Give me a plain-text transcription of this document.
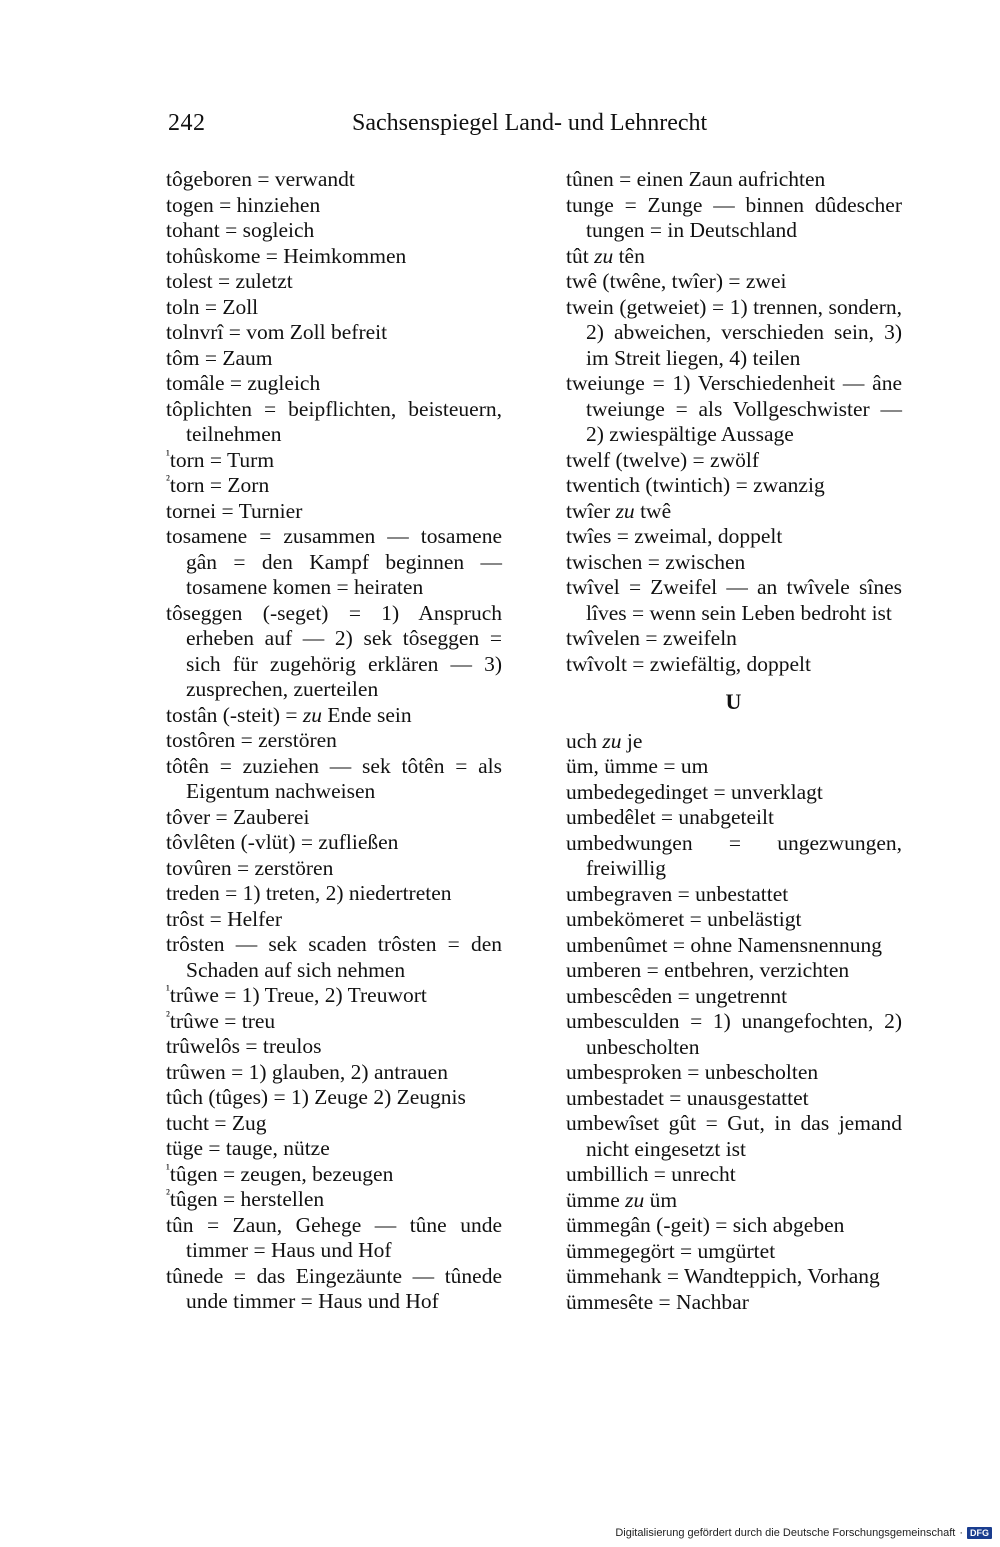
242	Sachsenspiegel Land- und Lehnrecht
tôgeboren = verwandt
togen = hinziehen
tohant = sogleich
tohûskome = Heimkommen
tolest = zuletzt
toln = Zoll
tolnvrî = vom Zoll befreit
tôm = Zaum
tomâle = zugleich
tôplichten = beipflichten, beisteuern, teilnehmen
$^{^1}$torn = Turm
$^{^2}$torn = Zorn
tornei = Turnier
tosamene = zusammen — tosamene gân = den Kampf beginnen — tosamene komen = heiraten
tôseggen (-seget) = 1) Anspruch erheben auf — 2) sek tôseggen = sich für zugehörig erklären — 3) zusprechen, zuerteilen
tostân (-steit) = zu Ende sein
tostôren = zerstören
tôtên = zuziehen — sek tôtên = als Eigentum nachweisen
tôver = Zauberei
tôvlêten (-vlüt) = zufließen
tovûren = zerstören
treden = 1) treten, 2) niedertreten
trôst = Helfer
trôsten — sek scaden trôsten = den Schaden auf sich nehmen
$^{^1}$trûwe = 1) Treue, 2) Treuwort
$^{^2}$trûwe = treu
trûwelôs = treulos
trûwen = 1) glauben, 2) antrauen
tûch (tûges) = 1) Zeuge 2) Zeugnis
tucht = Zug
tüge = tauge, nütze
$^{^1}$tûgen = zeugen, bezeugen
$^{^2}$tûgen = herstellen
tûn = Zaun, Gehege — tûne unde timmer = Haus und Hof
tûnede = das Eingezäunte — tûnede unde timmer = Haus und Hof
tûnen = einen Zaun aufrichten
tunge = Zunge — binnen dûdescher tungen = in Deutschland
tût zu tên
twê (twêne, twîer) = zwei
twein (getweiet) = 1) trennen, sondern, 2) abweichen, verschieden sein, 3) im Streit liegen, 4) teilen
tweiunge = 1) Verschiedenheit — âne tweiunge = als Vollgeschwister — 2) zwiespältige Aussage
twelf (twelve) = zwölf
twentich (twintich) = zwanzig
twîer zu twê
twîes = zweimal, doppelt
twischen = zwischen
twîvel = Zweifel — an twîvele sînes lîves = wenn sein Leben bedroht ist
twîvelen = zweifeln
twîvolt = zwiefältig, doppelt
U
uch zu je
üm, ümme = um
umbedegedinget = unverklagt
umbedêlet = unabgeteilt
umbedwungen = ungezwungen, freiwillig
umbegraven = unbestattet
umbekömeret = unbelästigt
umbenûmet = ohne Namensnennung
umberen = entbehren, verzichten
umbescêden = ungetrennt
umbesculden = 1) unangefochten, 2) unbescholten
umbesproken = unbescholten
umbestadet = unausgestattet
umbewîset gût = Gut, in das jemand nicht eingesetzt ist
umbillich = unrecht
ümme zu üm
ümmegân (-geit) = sich abgeben
ümmegegört = umgürtet
ümmehank = Wandteppich, Vorhang
ümmesête = Nachbar
Digitalisierung gefördert durch die Deutsche Forschungsgemeinschaft · DFG
